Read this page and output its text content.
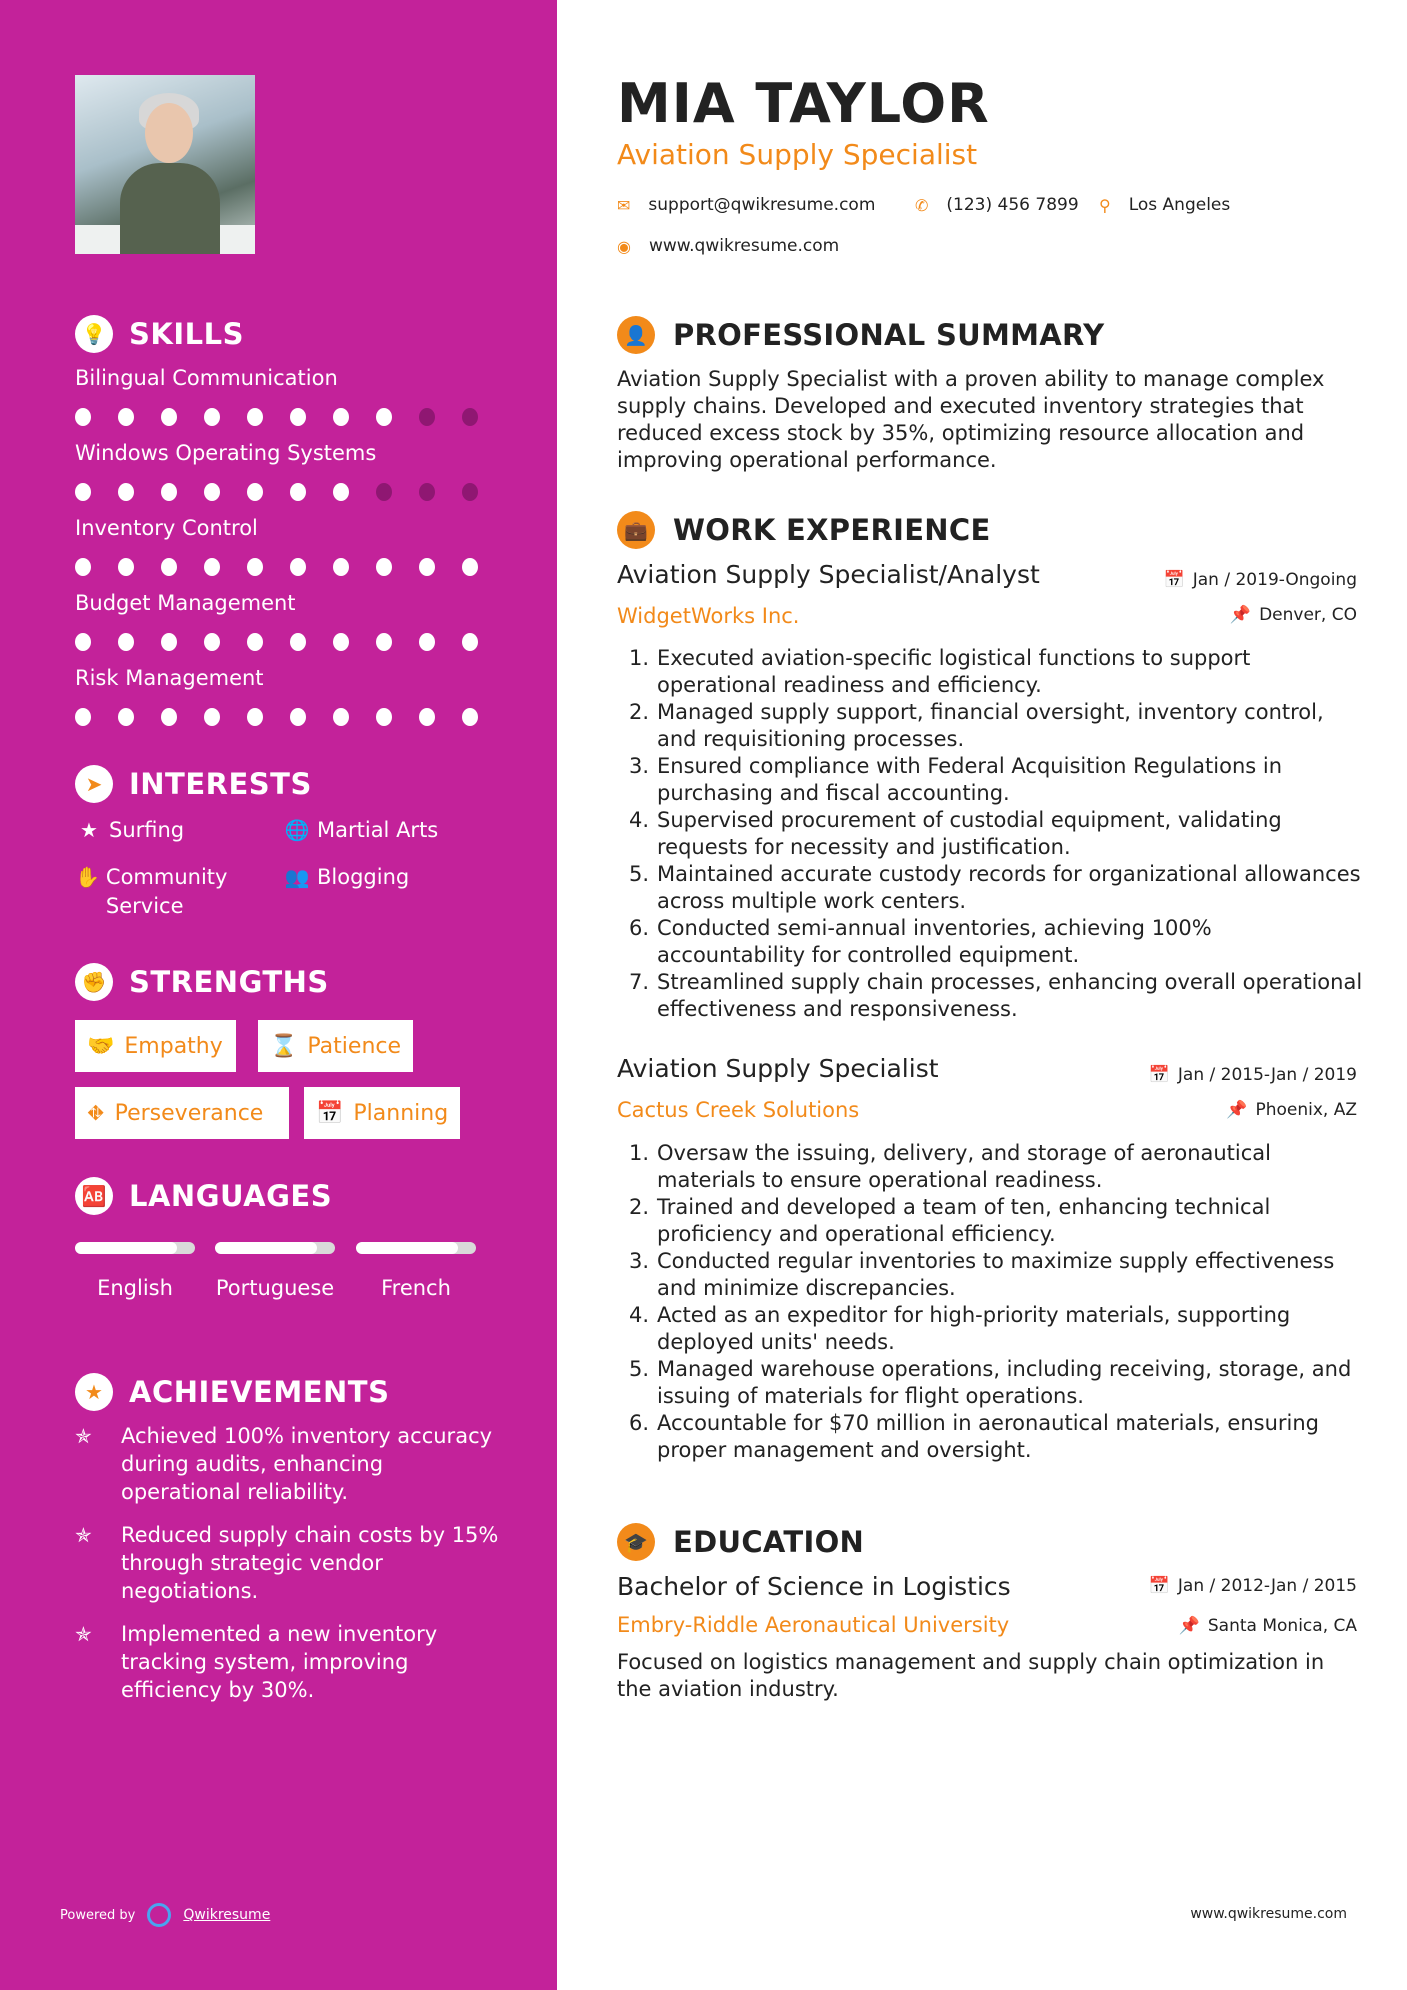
💡 SKILLS
Bilingual Communication
Windows Operating Systems
Inventory Control
Budget Management
Risk Management
➤ INTERESTS
★ Surfing	🌐 Martial Arts
✋ Community Service
👥 Blogging
✊ STRENGTHS
🤝 Empathy ⌛ Patience
⛖ Perseverance 📅 Planning
🆎 LANGUAGES
English	Portuguese	French
★ ACHIEVEMENTS
✯	Achieved 100% inventory accuracy during audits, enhancing operational reliability.
✯	Reduced supply chain costs by 15% through strategic vendor negotiations.
✯	Implemented a new inventory tracking system, improving efficiency by 30%.
Powered by	Qwikresume
MIA TAYLOR
Aviation Supply Specialist
✉ support@qwikresume.com ✆ (123) 456 7899 ⚲ Los Angeles
◉ www.qwikresume.com
👤 PROFESSIONAL SUMMARY
Aviation Supply Specialist with a proven ability to manage complex supply chains. Developed and executed inventory strategies that reduced excess stock by 35%, optimizing resource allocation and improving operational performance.
💼 WORK EXPERIENCE
Aviation Supply Specialist/Analyst	📅 Jan / 2019-Ongoing
WidgetWorks Inc.	📌 Denver, CO
1. Executed aviation-specific logistical functions to support operational readiness and efficiency.
2. Managed supply support, financial oversight, inventory control, and requisitioning processes.
3. Ensured compliance with Federal Acquisition Regulations in purchasing and fiscal accounting.
4. Supervised procurement of custodial equipment, validating requests for necessity and justification.
5. Maintained accurate custody records for organizational allowances across multiple work centers.
6. Conducted semi-annual inventories, achieving 100% accountability for controlled equipment.
7. Streamlined supply chain processes, enhancing overall operational effectiveness and responsiveness.
Aviation Supply Specialist	📅 Jan / 2015-Jan / 2019
Cactus Creek Solutions	📌 Phoenix, AZ
1. Oversaw the issuing, delivery, and storage of aeronautical materials to ensure operational readiness.
2. Trained and developed a team of ten, enhancing technical proficiency and operational efficiency.
3. Conducted regular inventories to maximize supply effectiveness and minimize discrepancies.
4. Acted as an expeditor for high-priority materials, supporting deployed units' needs.
5. Managed warehouse operations, including receiving, storage, and issuing of materials for flight operations.
6. Accountable for $70 million in aeronautical materials, ensuring proper management and oversight.
🎓 EDUCATION
Bachelor of Science in Logistics	📅 Jan / 2012-Jan / 2015
Embry-Riddle Aeronautical University	📌 Santa Monica, CA
Focused on logistics management and supply chain optimization in the aviation industry.
www.qwikresume.com
